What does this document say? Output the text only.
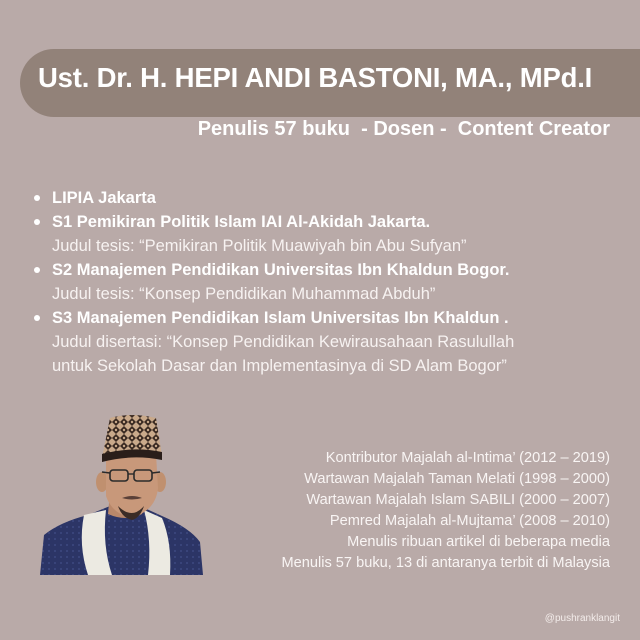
Ust. Dr. H. HEPI ANDI BASTONI, MA., MPd.I
Penulis 57 buku  - Dosen -  Content Creator
LIPIA Jakarta
S1 Pemikiran Politik Islam IAI Al-Akidah Jakarta.
Judul tesis: “Pemikiran Politik Muawiyah bin Abu Sufyan”
S2 Manajemen Pendidikan Universitas Ibn Khaldun Bogor.
Judul tesis: “Konsep Pendidikan Muhammad Abduh”
S3 Manajemen Pendidikan Islam Universitas Ibn Khaldun .
Judul disertasi: “Konsep Pendidikan Kewirausahaan Rasulullah
untuk Sekolah Dasar dan Implementasinya di SD Alam Bogor”
Kontributor Majalah al-Intima’ (2012 – 2019)
Wartawan Majalah Taman Melati (1998 – 2000)
Wartawan Majalah Islam SABILI (2000 – 2007)
Pemred Majalah al-Mujtama’ (2008 – 2010)
Menulis ribuan artikel di beberapa media
Menulis 57 buku, 13 di antaranya terbit di Malaysia
@pushranklangit
